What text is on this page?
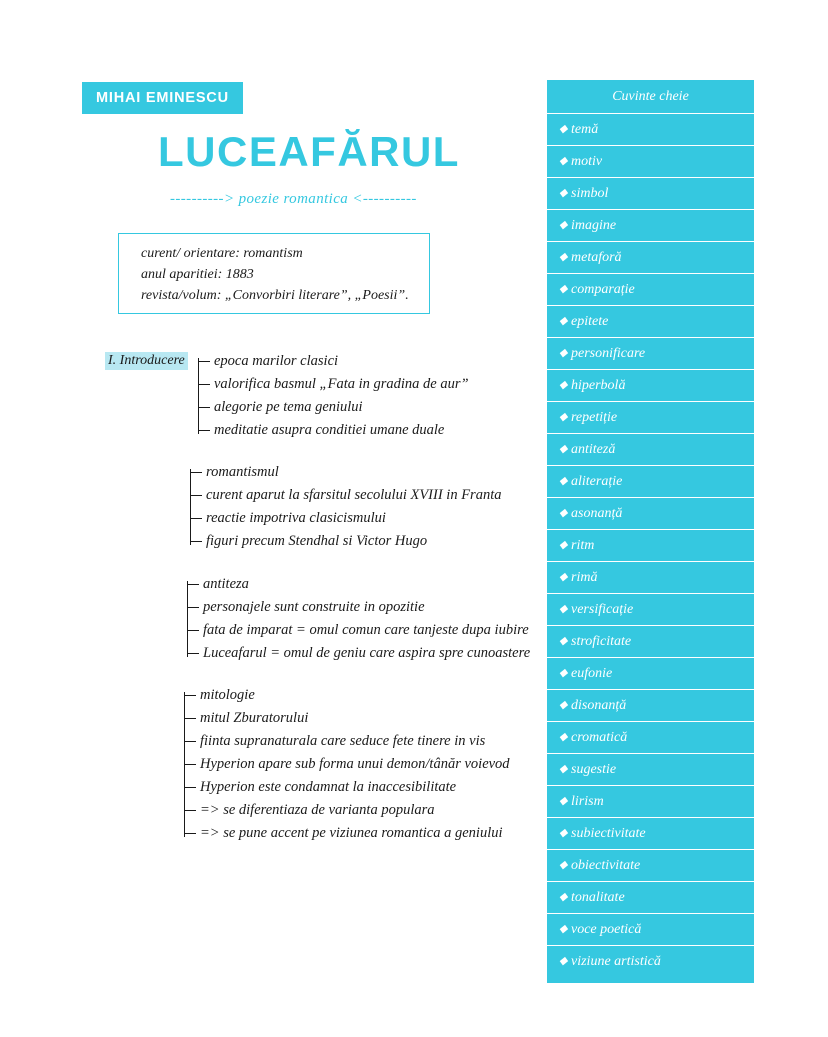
MIHAI EMINESCU
LUCEAFĂRUL
----------> poezie romantica <----------
curent/ orientare: romantism
anul aparitiei: 1883
revista/volum: „Convorbiri literare”, „Poesii”.
I. Introducere epoca marilor clasici
valorifica basmul „Fata in gradina de aur”
alegorie pe tema geniului
meditatie asupra conditiei umane duale
romantismul
curent aparut la sfarsitul secolului XVIII in Franta
reactie impotriva clasicismului
figuri precum Stendhal si Victor Hugo
antiteza
personajele sunt construite in opozitie
fata de imparat = omul comun care tanjeste dupa iubire
Luceafarul = omul de geniu care aspira spre cunoastere
mitologie
mitul Zburatorului
fiinta supranaturala care seduce fete tinere in vis
Hyperion apare sub forma unui demon/tânăr voievod
Hyperion este condamnat la inaccesibilitate
=> se diferentiaza de varianta populara
=> se pune accent pe viziunea romantica a geniului
Cuvinte cheie
◆ temă
◆ motiv
◆ simbol
◆ imagine
◆ metaforă
◆ comparație
◆ epitete
◆ personificare
◆ hiperbolă
◆ repetiție
◆ antiteză
◆ aliterație
◆ asonanță
◆ ritm
◆ rimă
◆ versificație
◆ stroficitate
◆ eufonie
◆ disonanță
◆ cromatică
◆ sugestie
◆ lirism
◆ subiectivitate
◆ obiectivitate
◆ tonalitate
◆ voce poetică
◆ viziune artistică
